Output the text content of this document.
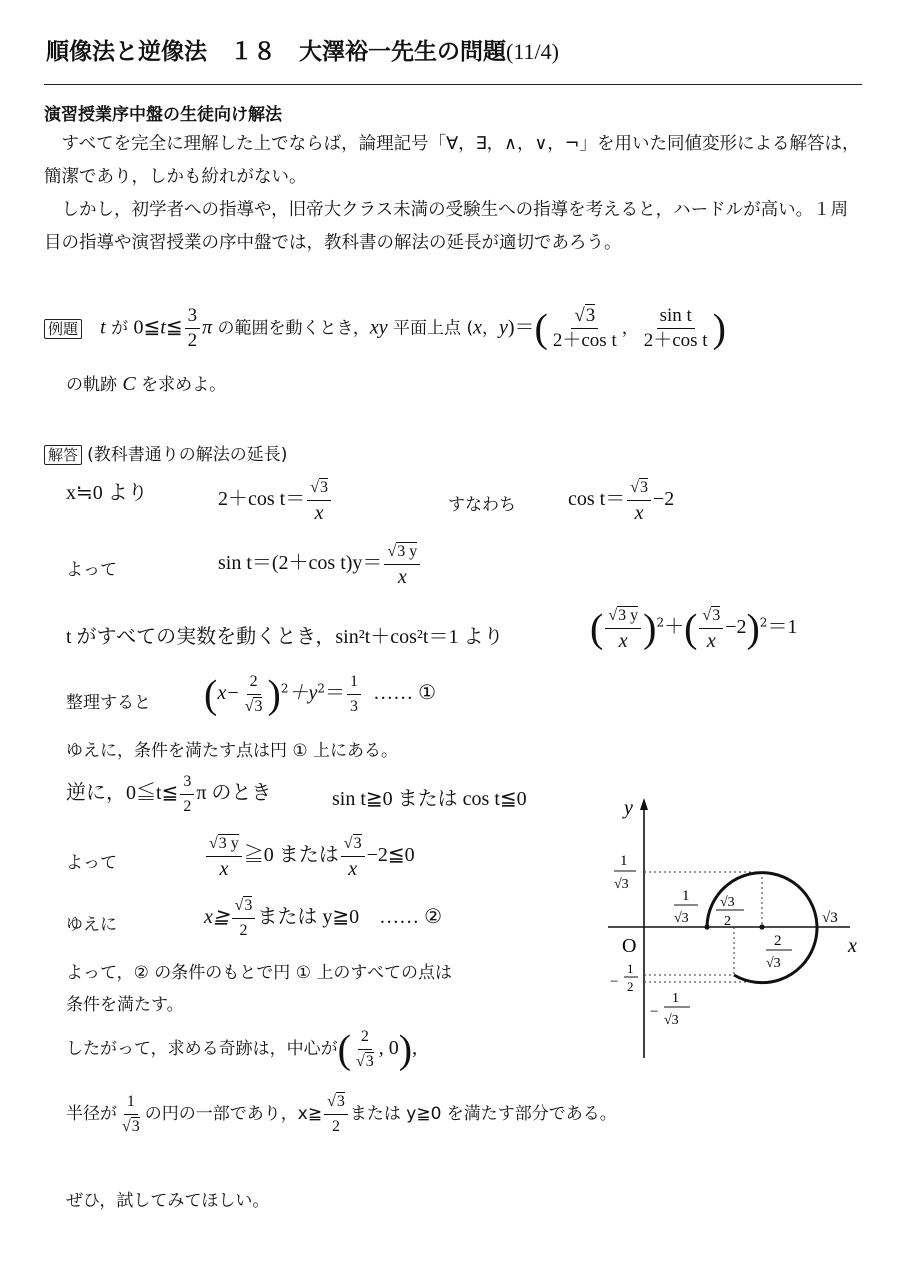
順像法と逆像法　１８　大澤裕一先生の問題(11/4)
演習授業序中盤の生徒向け解法

すべてを完全に理解した上でならば，論理記号「∀，∃，∧，∨，¬」を用いた同値変形による解答は，簡潔であり，しかも紛れがない。

しかし，初学者への指導や，旧帝大クラス未満の受験生への指導を考えると，ハードルが高い。１周目の指導や演習授業の序中盤では，教科書の解法の延長が適切であろう。

例題 t が 0≦t≦ $\frac{3}{2}$ π の範囲を動くとき，xy 平面上点 (x，$y)=( \frac{√3}{\text{2＋cos t}}$ ， $\frac{\text{sin t}}{\text{2＋cos t}}$ )
の軌跡 C を求めよ。
解答 (教科書通りの解法の延長)
x≒0 より	2＋cos $t= \frac{√3}{x}$	すなわち	$\cos t= \frac{√3}{x} -2$
よって	sin t＝(2＋cos $t)y= \frac{√3 y}{x}$
t がすべての実数を動くとき，sin²t＋cos²t＝1 より ( $\frac{√3 y}{x} )^2+( \frac{√3}{x} -2)^2=1$
整理すると $(x- \frac{2}{√3} )^2+y^2= \frac{1}{3}$ …… ①
ゆえに，条件を満たす点は円 ① 上にある。
逆に，0≦t≦ $\frac{3}{2}$ π のとき	sin t≧0 または cos t≦0
よって	$\frac{√3 y}{x}$ ≧0 または $\frac{√3}{x}$ −2≦0
ゆえに	x≧ $\frac{√3}{2}$ または y≧0　…… ②
よって，② の条件のもとで円 ① 上のすべての点は
条件を満たす。
したがって，求める奇跡は，中心が( $\frac{2}{√3}$ , 0),
半径が $\frac{1}{√3}$ の円の一部であり，x≧ $\frac{√3}{2}$ または y≧0 を満たす部分である。
ぜひ，試してみてほしい。
y
x
O
1
√3
1
√3
√3
2
2
√3
√3
−
1
2
−
1
√3
